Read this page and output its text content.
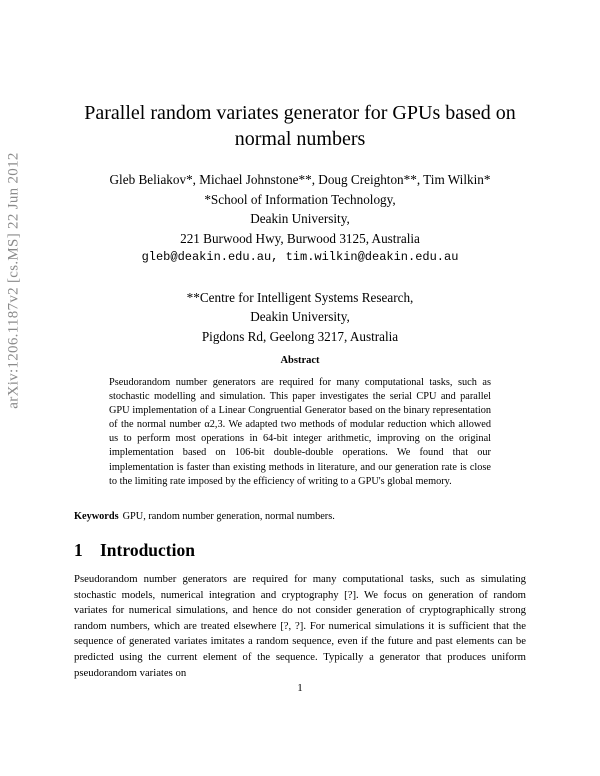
arXiv:1206.1187v2 [cs.MS] 22 Jun 2012
Parallel random variates generator for GPUs based on
normal numbers
Gleb Beliakov*, Michael Johnstone**, Doug Creighton**, Tim Wilkin*
*School of Information Technology,
Deakin University,
221 Burwood Hwy, Burwood 3125, Australia
gleb@deakin.edu.au, tim.wilkin@deakin.edu.au
**Centre for Intelligent Systems Research,
Deakin University,
Pigdons Rd, Geelong 3217, Australia
Abstract

Pseudorandom number generators are required for many computational tasks, such as stochastic modelling and simulation. This paper investigates the serial CPU and parallel GPU implementation of a Linear Congruential Generator based on the binary representation of the normal number α2,3. We adapted two methods of modular reduction which allowed us to perform most operations in 64-bit integer arithmetic, improving on the original implementation based on 106-bit double-double operations. We found that our implementation is faster than existing methods in literature, and our generation rate is close to the limiting rate imposed by the efficiency of writing to a GPU's global memory.

Keywords GPU, random number generation, normal numbers.
1 Introduction

Pseudorandom number generators are required for many computational tasks, such as simulating stochastic models, numerical integration and cryptography [?]. We focus on generation of random variates for numerical simulations, and hence do not consider generation of cryptographically strong random numbers, which are treated elsewhere [?, ?]. For numerical simulations it is sufficient that the sequence of generated variates imitates a random sequence, even if the future and past elements can be predicted using the current element of the sequence. Typically a generator that produces uniform pseudorandom variates on

1
